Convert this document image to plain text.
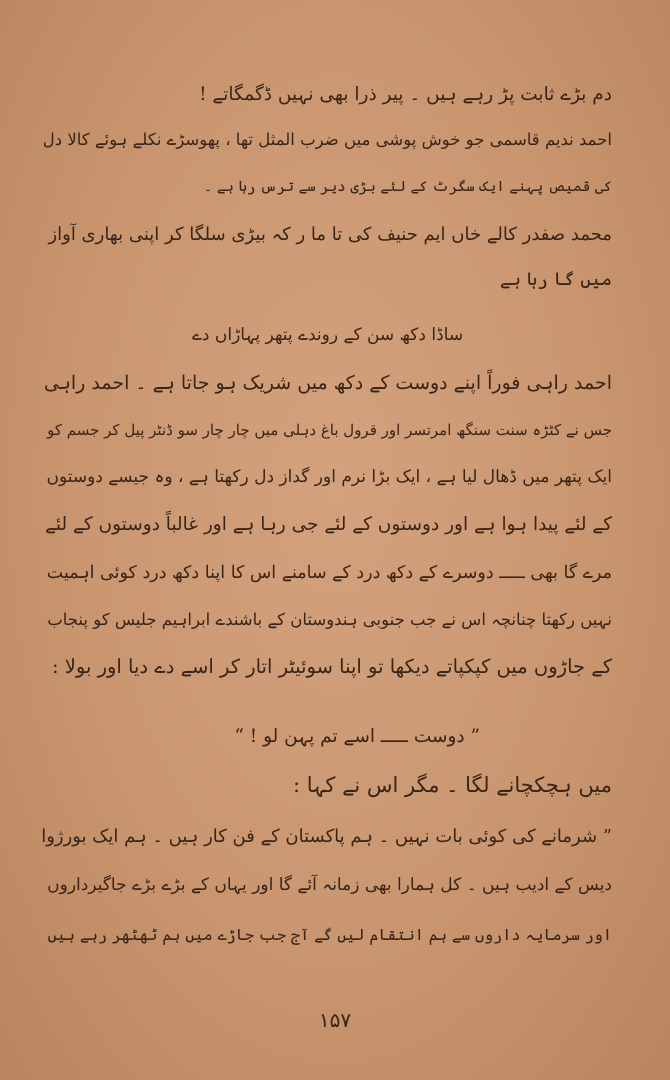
دم بڑے ثابت پڑ رہے ہیں ۔ پیر ذرا بھی نہیں ڈگمگاتے !
احمد ندیم قاسمی جو خوش پوشی میں ضرب المثل تھا ، پھوسڑے نکلے ہوئے کالا دل
کی قمیص پہنے ایک سگرٹ کے لئے بڑی دیر سے ترس رہا ہے ۔
محمد صفدر کالے خاں ایم حنیف کی تا ما ر کہ بیڑی سلگا کر اپنی بھاری آواز
میں گا رہا ہے
ساڈا دکھ سن کے روندے پتھر پہاڑاں دے
احمد راہی فوراً اپنے دوست کے دکھ میں شریک ہو جاتا ہے ۔ احمد راہی
جس نے کٹڑہ سنت سنگھ امرتسر اور قرول باغ دہلی میں چار چار سو ڈنٹر پیل کر جسم کو
ایک پتھر میں ڈھال لیا ہے ، ایک بڑا نرم اور گداز دل رکھتا ہے ، وہ جیسے دوستوں
کے لئے پیدا ہوا ہے اور دوستوں کے لئے جی رہا ہے اور غالباً دوستوں کے لئے
مرے گا بھی ـــــ دوسرے کے دکھ درد کے سامنے اس کا اپنا دکھ درد کوئی اہمیت
نہیں رکھتا چنانچہ اس نے جب جنوبی ہندوستان کے باشندے ابراہیم جلیس کو پنجاب
کے جاڑوں میں کپکپاتے دیکھا تو اپنا سوئیٹر اتار کر اسے دے دیا اور بولا :
” دوست ـــــ اسے تم پہن لو ! “
میں ہچکچانے لگا ۔ مگر اس نے کہا :
” شرمانے کی کوئی بات نہیں ۔ ہم پاکستان کے فن کار ہیں ۔ ہم ایک بورژوا
دیس کے ادیب ہیں ۔ کل ہمارا بھی زمانہ آئے گا اور یہاں کے بڑے بڑے جاگیرداروں
اور سرمایہ داروں سے ہم انتقام لیں گے آج جب جاڑے میں ہم ٹھٹھر رہے ہیں
۱۵۷
